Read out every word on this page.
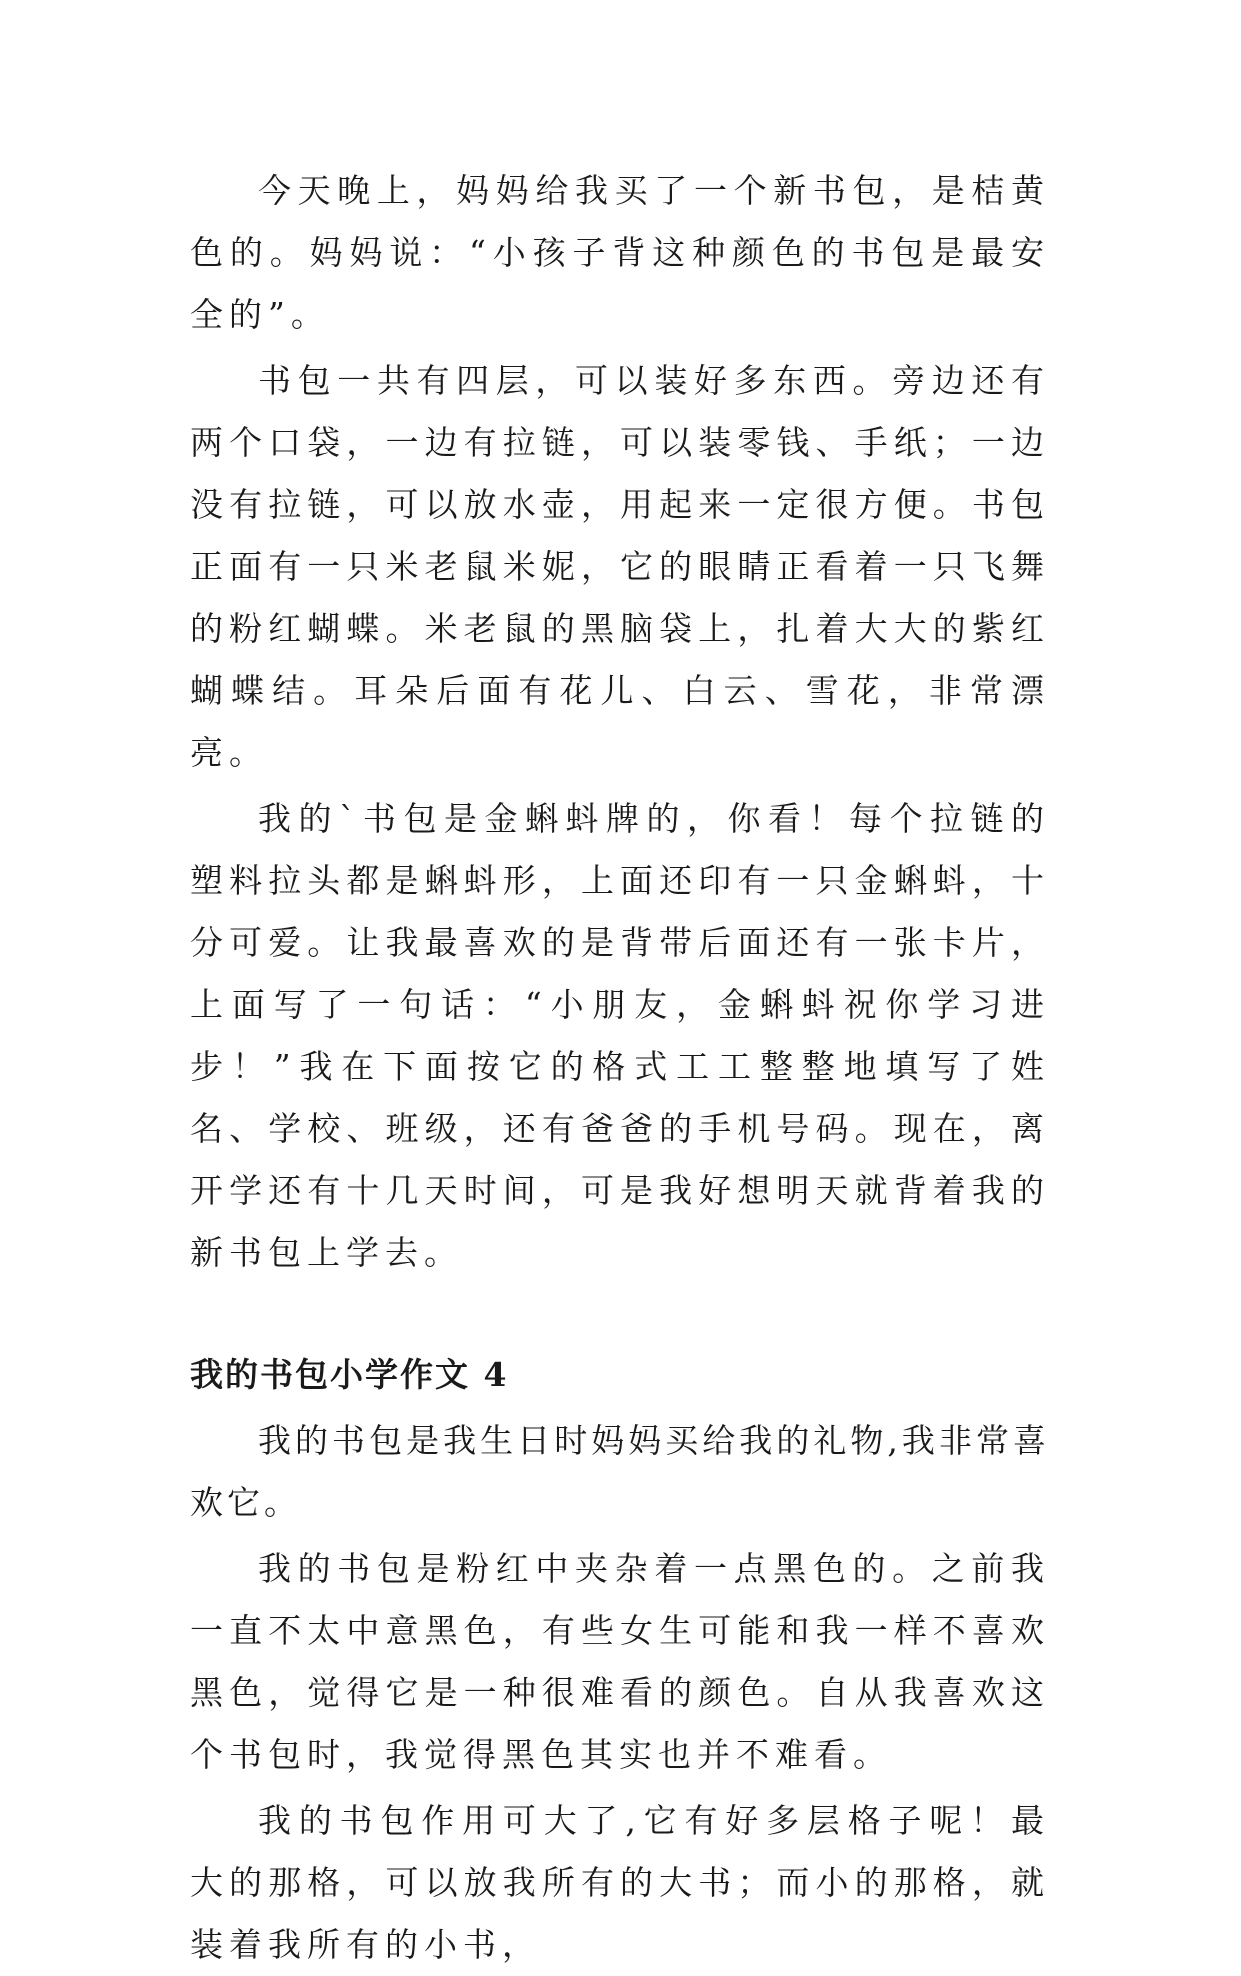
今天晚上，妈妈给我买了一个新书包，是桔黄色的。妈妈说：“小孩子背这种颜色的书包是最安全的”。

书包一共有四层，可以装好多东西。旁边还有两个口袋，一边有拉链，可以装零钱、手纸；一边没有拉链，可以放水壶，用起来一定很方便。书包正面有一只米老鼠米妮，它的眼睛正看着一只飞舞的粉红蝴蝶。米老鼠的黑脑袋上，扎着大大的紫红蝴蝶结。耳朵后面有花儿、白云、雪花，非常漂亮。

我的`书包是金蝌蚪牌的，你看！每个拉链的塑料拉头都是蝌蚪形，上面还印有一只金蝌蚪，十分可爱。让我最喜欢的是背带后面还有一张卡片，上面写了一句话：“小朋友，金蝌蚪祝你学习进步！”我在下面按它的格式工工整整地填写了姓名、学校、班级，还有爸爸的手机号码。现在，离开学还有十几天时间，可是我好想明天就背着我的新书包上学去。

我的书包小学作文 4

我的书包是我生日时妈妈买给我的礼物,我非常喜欢它。

我的书包是粉红中夹杂着一点黑色的。之前我一直不太中意黑色，有些女生可能和我一样不喜欢黑色，觉得它是一种很难看的颜色。自从我喜欢这个书包时，我觉得黑色其实也并不难看。

我的书包作用可大了,它有好多层格子呢！最大的那格，可以放我所有的大书；而小的那格，就装着我所有的小书，
